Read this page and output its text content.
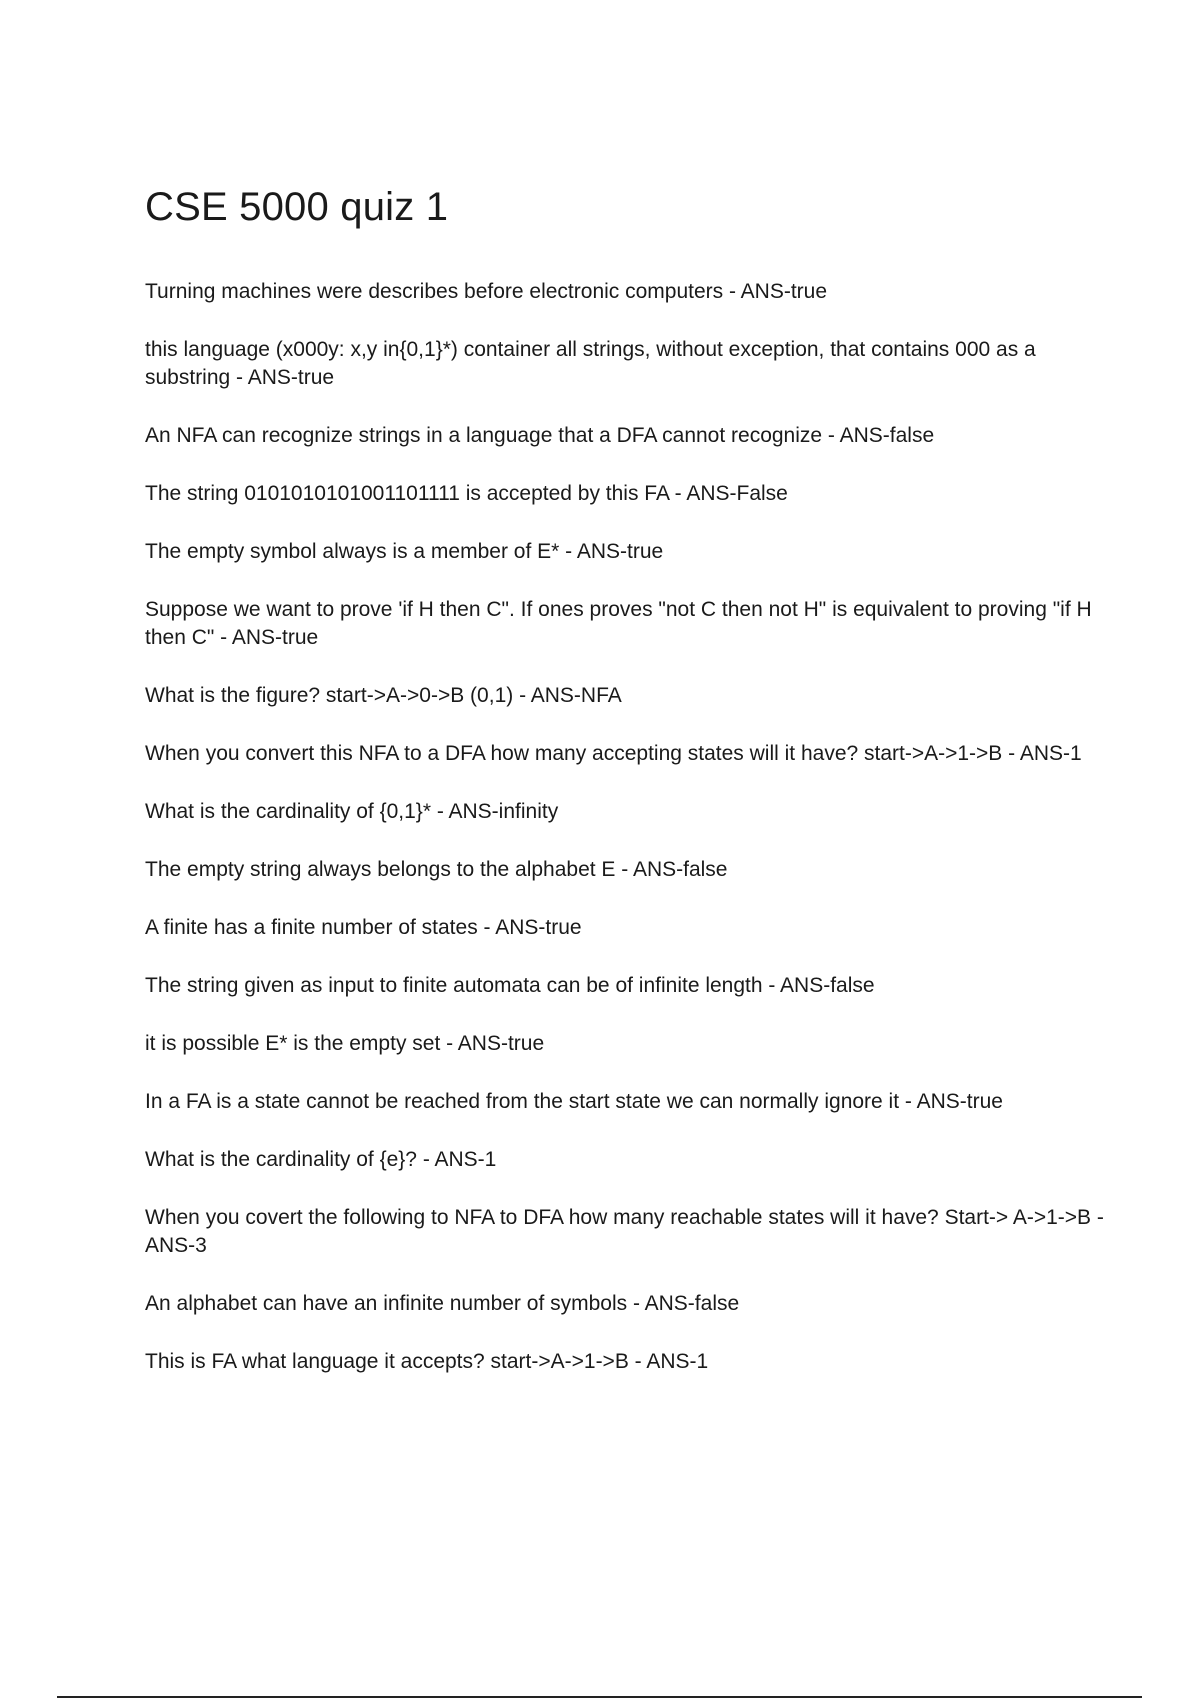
CSE 5000 quiz 1
Turning machines were describes before electronic computers - ANS-true
this language (x000y: x,y in{0,1}*) container all strings, without exception, that contains 000 as a substring - ANS-true
An NFA can recognize strings in a language that a DFA cannot recognize - ANS-false
The string 0101010101001101111 is accepted by this FA - ANS-False
The empty symbol always is a member of E* - ANS-true
Suppose we want to prove 'if H then C". If ones proves "not C then not H" is equivalent to proving "if H then C" - ANS-true
What is the figure? start->A->0->B (0,1) - ANS-NFA
When you convert this NFA to a DFA how many accepting states will it have? start->A->1->B - ANS-1
What is the cardinality of {0,1}* - ANS-infinity
The empty string always belongs to the alphabet E - ANS-false
A finite has a finite number of states - ANS-true
The string given as input to finite automata can be of infinite length - ANS-false
it is possible E* is the empty set - ANS-true
In a FA is a state cannot be reached from the start state we can normally ignore it - ANS-true
What is the cardinality of {e}? - ANS-1
When you covert the following to NFA to DFA how many reachable states will it have? Start-> A->1->B - ANS-3
An alphabet can have an infinite number of symbols - ANS-false
This is FA what language it accepts? start->A->1->B - ANS-1
